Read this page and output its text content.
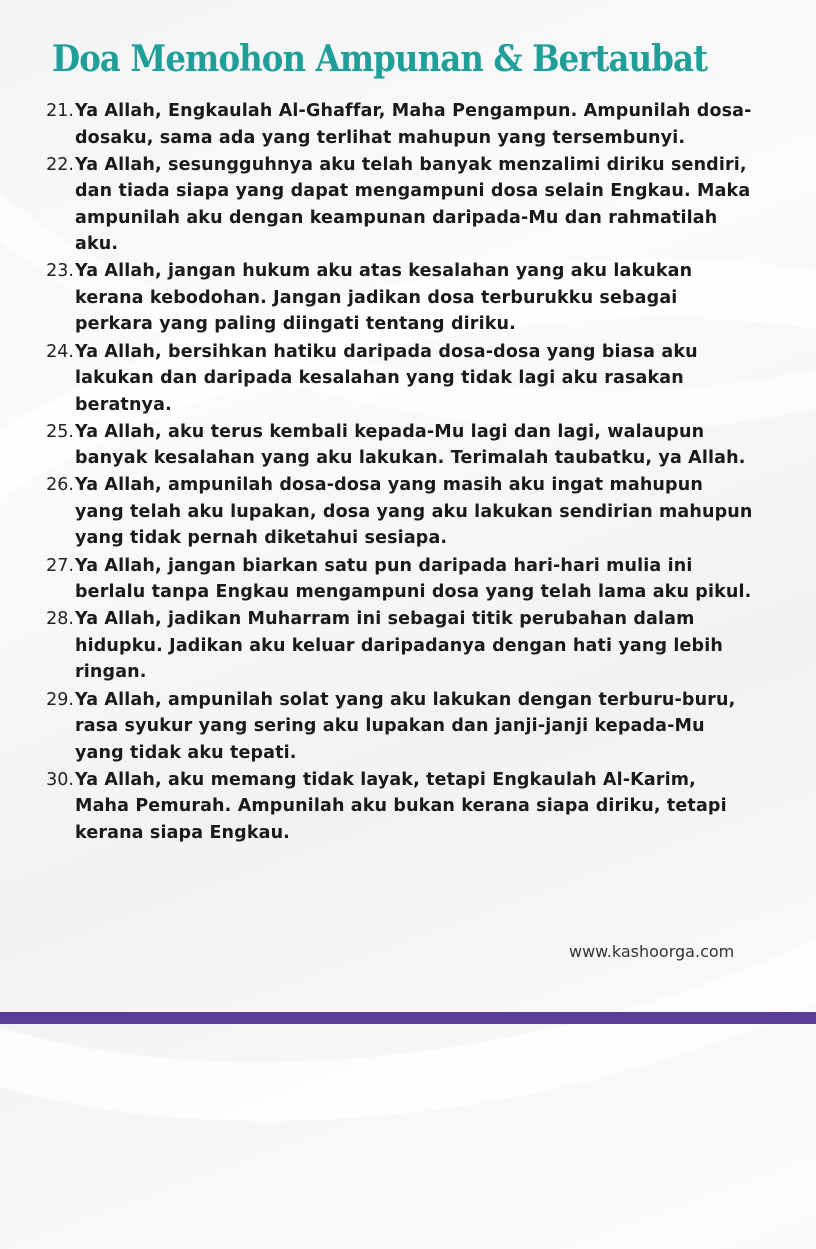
Doa Memohon Ampunan & Bertaubat
21. Ya Allah, Engkaulah Al-Ghaffar, Maha Pengampun. Ampunilah dosa-dosaku, sama ada yang terlihat mahupun yang tersembunyi.
22. Ya Allah, sesungguhnya aku telah banyak menzalimi diriku sendiri, dan tiada siapa yang dapat mengampuni dosa selain Engkau. Maka ampunilah aku dengan keampunan daripada-Mu dan rahmatilah aku.
23. Ya Allah, jangan hukum aku atas kesalahan yang aku lakukan kerana kebodohan. Jangan jadikan dosa terburukku sebagai perkara yang paling diingati tentang diriku.
24. Ya Allah, bersihkan hatiku daripada dosa-dosa yang biasa aku lakukan dan daripada kesalahan yang tidak lagi aku rasakan beratnya.
25. Ya Allah, aku terus kembali kepada-Mu lagi dan lagi, walaupun banyak kesalahan yang aku lakukan. Terimalah taubatku, ya Allah.
26. Ya Allah, ampunilah dosa-dosa yang masih aku ingat mahupun yang telah aku lupakan, dosa yang aku lakukan sendirian mahupun yang tidak pernah diketahui sesiapa.
27. Ya Allah, jangan biarkan satu pun daripada hari-hari mulia ini berlalu tanpa Engkau mengampuni dosa yang telah lama aku pikul.
28. Ya Allah, jadikan Muharram ini sebagai titik perubahan dalam hidupku. Jadikan aku keluar daripadanya dengan hati yang lebih ringan.
29. Ya Allah, ampunilah solat yang aku lakukan dengan terburu-buru, rasa syukur yang sering aku lupakan dan janji-janji kepada-Mu yang tidak aku tepati.
30. Ya Allah, aku memang tidak layak, tetapi Engkaulah Al-Karim, Maha Pemurah. Ampunilah aku bukan kerana siapa diriku, tetapi kerana siapa Engkau.
www.kashoorga.com
